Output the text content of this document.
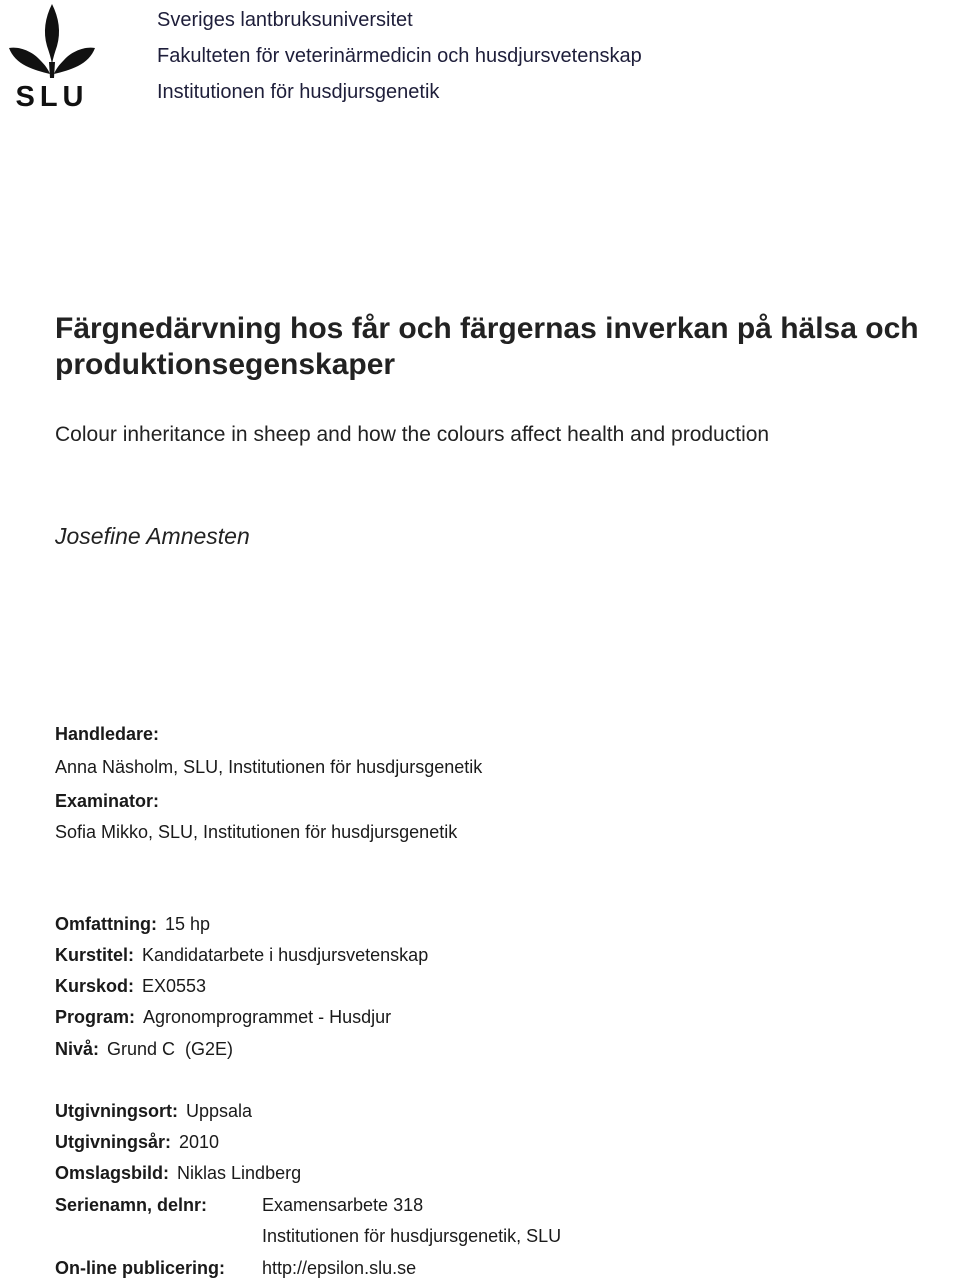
SLU
Sveriges lantbruksuniversitet
Fakulteten för veterinärmedicin och husdjursvetenskap
Institutionen för husdjursgenetik
Färgnedärvning hos får och färgernas inverkan på hälsa och
produktionsegenskaper
Colour inheritance in sheep and how the colours affect health and production
Josefine Amnesten
Handledare:
Anna Näsholm, SLU, Institutionen för husdjursgenetik
Examinator:
Sofia Mikko, SLU, Institutionen för husdjursgenetik
Omfattning: 15 hp
Kurstitel: Kandidatarbete i husdjursvetenskap
Kurskod: EX0553
Program: Agronomprogrammet - Husdjur
Nivå: Grund C  (G2E)
Utgivningsort: Uppsala
Utgivningsår: 2010
Omslagsbild: Niklas Lindberg
Serienamn, delnr:	Examensarbete 318
Institutionen för husdjursgenetik, SLU
On-line publicering: http://epsilon.slu.se
